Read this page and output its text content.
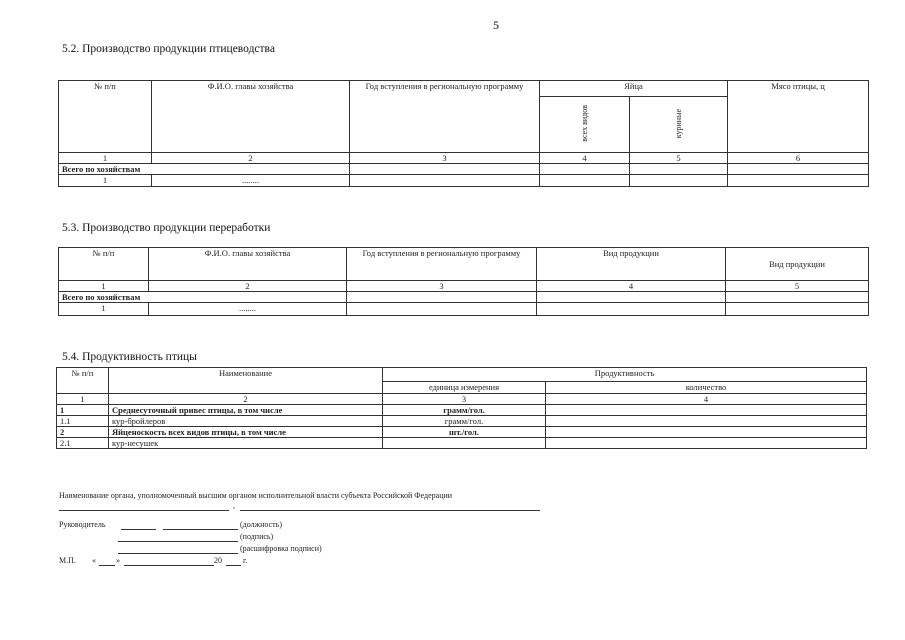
5
5.2. Производство продукции птицеводства
№ п/п	Ф.И.О. главы хозяйства	Год вступления в региональную программу	Яйца		Мясо птицы, ц
			всех видов	куриные	
1	2	3	4	5	6
Всего по хозяйствам					
1	........				
5.3. Производство продукции переработки
№ п/п	Ф.И.О. главы хозяйства	Год вступления в региональную программу	Вид продукции	Вид продукции
1	2	3	4	5
Всего по хозяйствам				
1	........			
5.4. Продуктивность птицы
№ п/п	Наименование	Продуктивность	
		единица измерения	количество
1	2	3	4
1	Среднесуточный привес птицы, в том числе	грамм/гол.	
1.1	кур-бройлеров	грамм/гол.	
2	Яйценоскость всех видов птицы, в том числе	шт./гол.	
2.1	кур-несушек		
Наименование органа, уполномоченный высшим органом исполнительной власти субъекта Российской Федерации
,
Руководитель	(должность)
(подпись)
(расшифровка подписи)
М.П. «	»	20	г.
